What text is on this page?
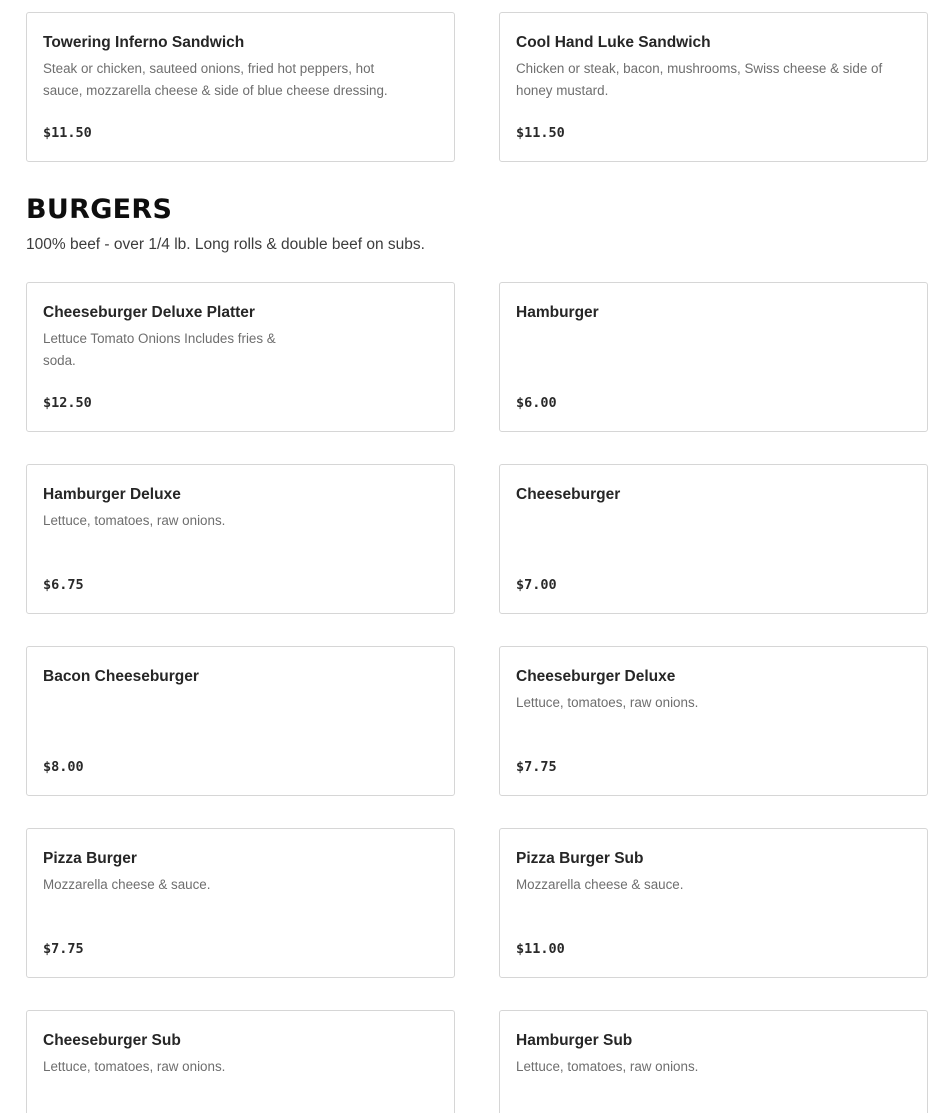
Towering Inferno Sandwich
Steak or chicken, sauteed onions, fried hot peppers, hot sauce, mozzarella cheese & side of blue cheese dressing.
$11.50
Cool Hand Luke Sandwich
Chicken or steak, bacon, mushrooms, Swiss cheese & side of honey mustard.
$11.50
BURGERS

100% beef - over 1/4 lb. Long rolls & double beef on subs.

Cheeseburger Deluxe Platter
Lettuce Tomato Onions Includes fries & soda.
$12.50
Hamburger
$6.00
Hamburger Deluxe
Lettuce, tomatoes, raw onions.
$6.75
Cheeseburger
$7.00
Bacon Cheeseburger
$8.00
Cheeseburger Deluxe
Lettuce, tomatoes, raw onions.
$7.75
Pizza Burger
Mozzarella cheese & sauce.
$7.75
Pizza Burger Sub
Mozzarella cheese & sauce.
$11.00
Cheeseburger Sub
Lettuce, tomatoes, raw onions.
Hamburger Sub
Lettuce, tomatoes, raw onions.
